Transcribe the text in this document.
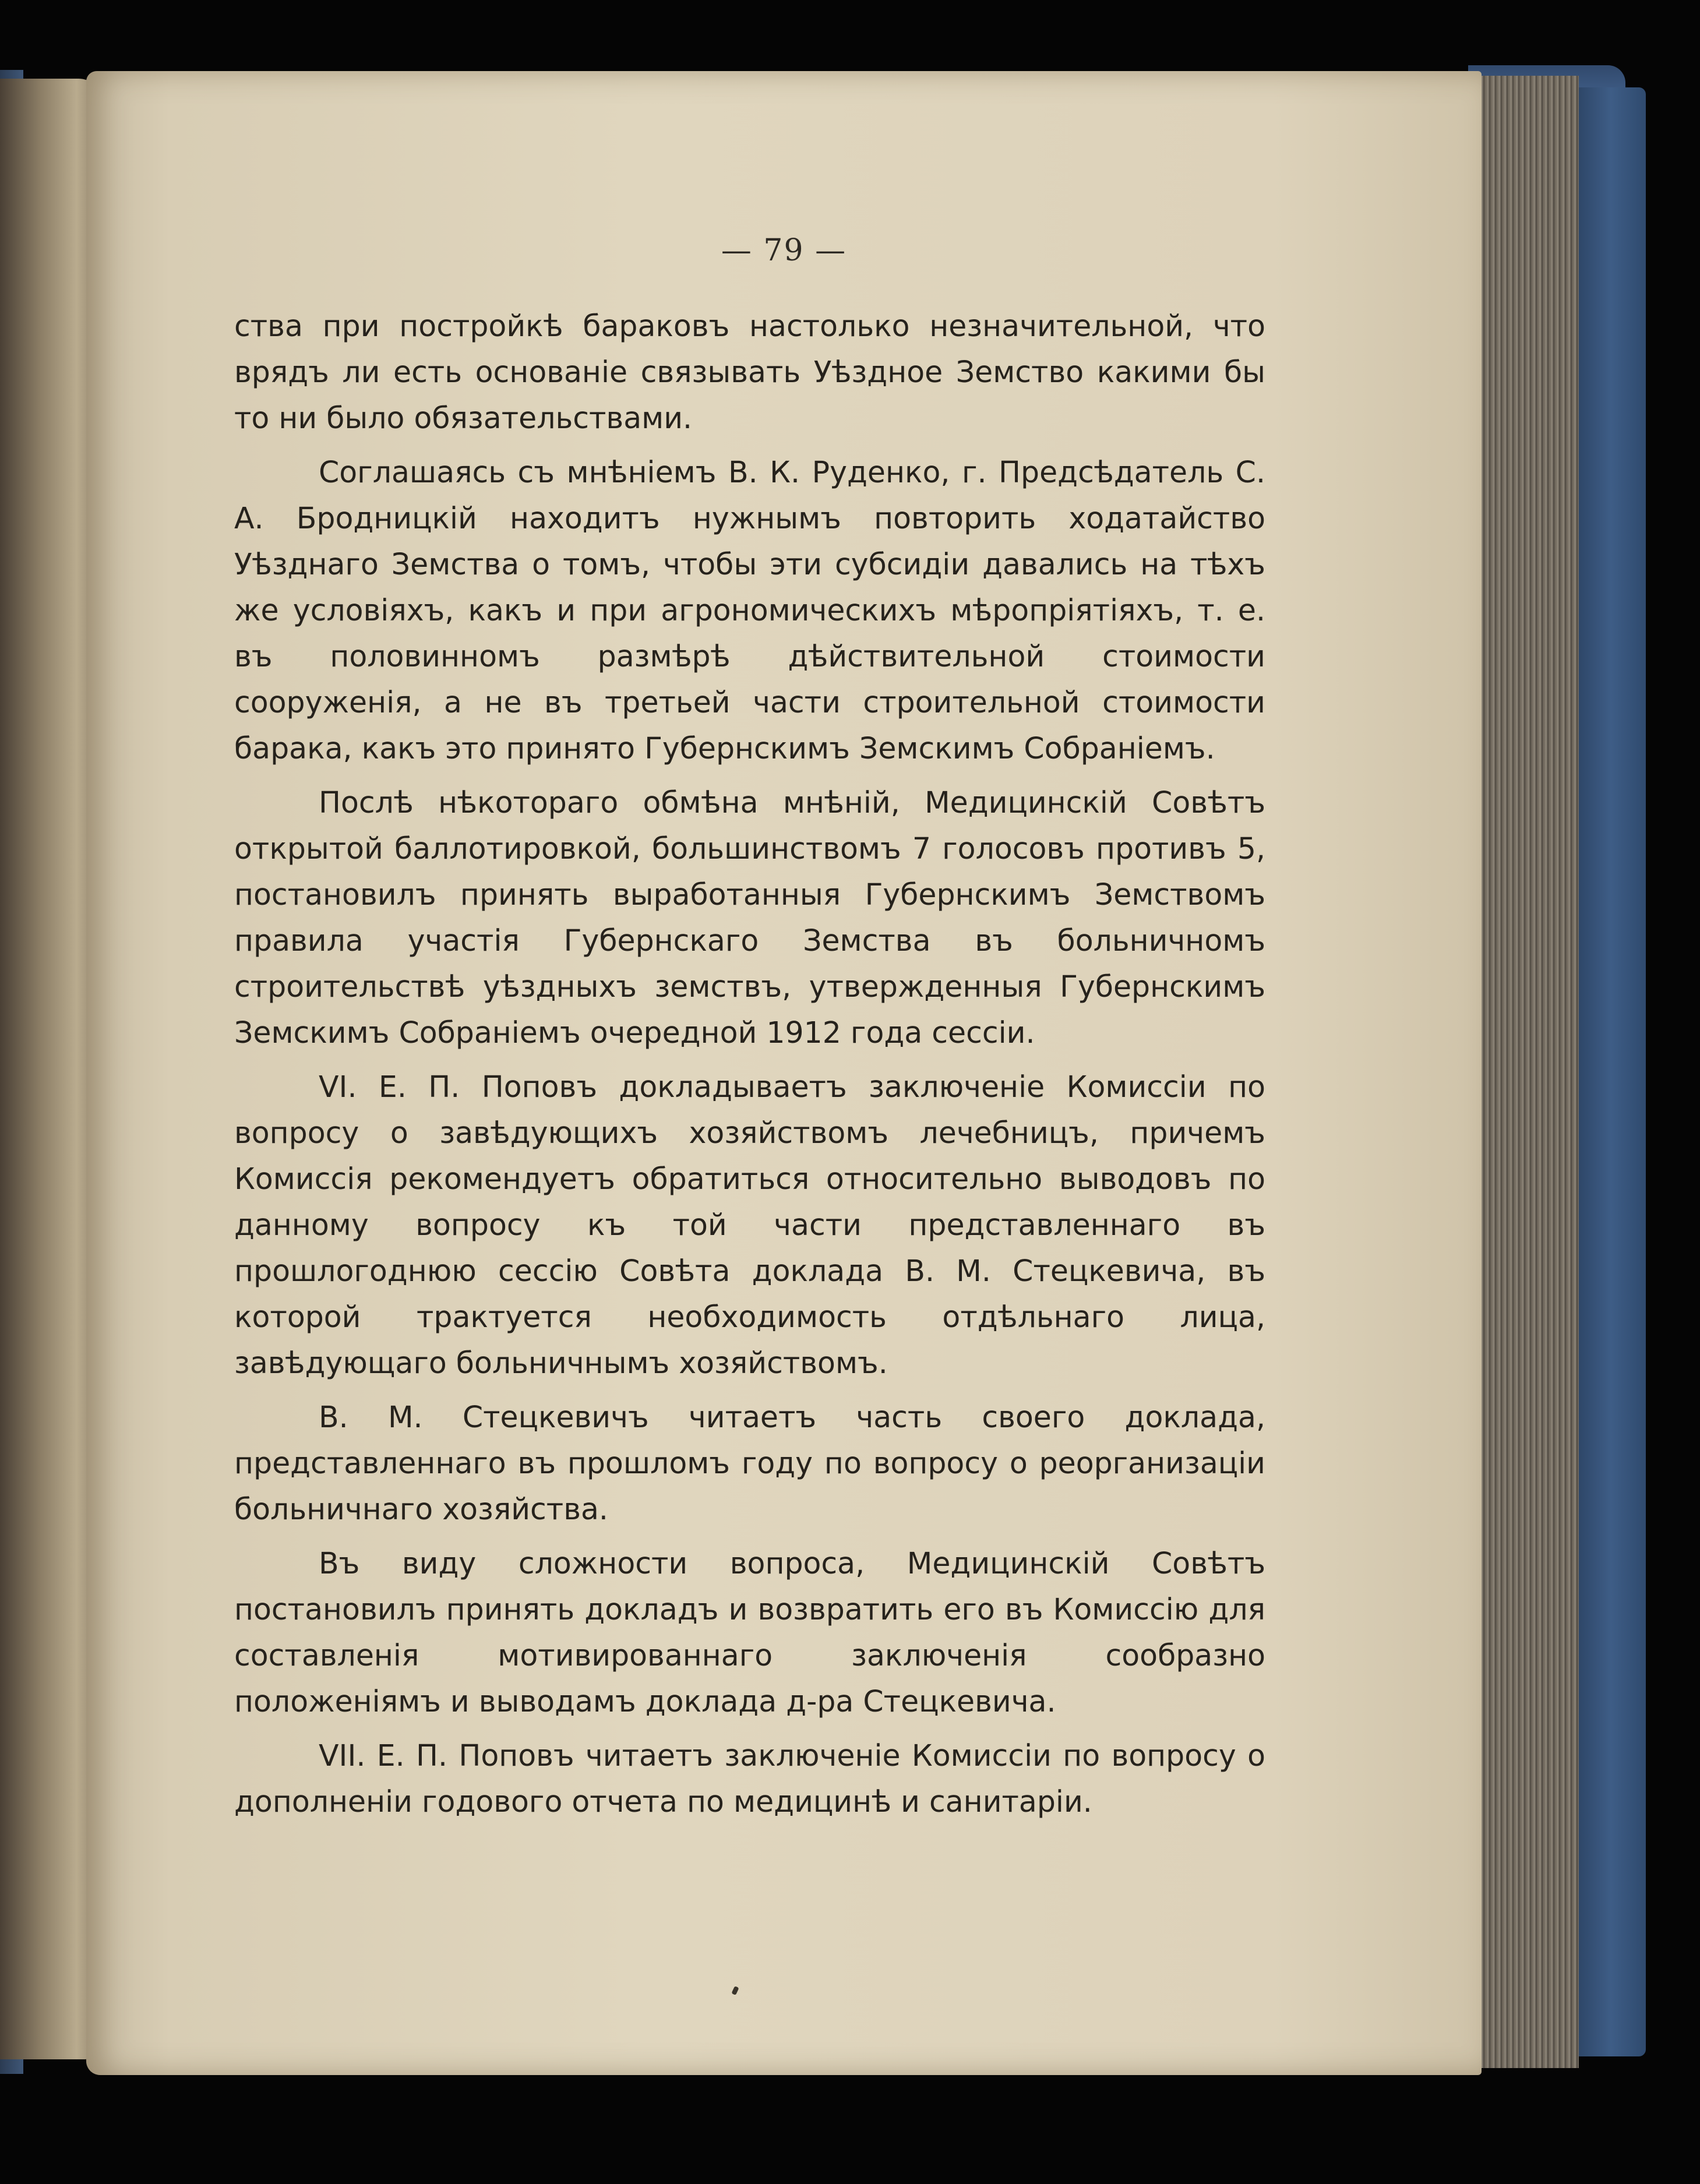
— 79 —

ства при постройкѣ бараковъ настолько незначительной, что врядъ ли есть основаніе связывать Уѣздное Земство какими бы то ни было обязательствами.

Соглашаясь съ мнѣніемъ В. К. Руденко, г. Предсѣдатель С. А. Бродницкій находитъ нужнымъ повторить ходатайство Уѣзднаго Земства о томъ, чтобы эти субсидіи давались на тѣхъ же условіяхъ, какъ и при агрономическихъ мѣропріятіяхъ, т. е. въ половинномъ размѣрѣ дѣйствительной стоимости сооруженія, а не въ третьей части строительной стоимости барака, какъ это принято Губернскимъ Земскимъ Собраніемъ.

Послѣ нѣкотораго обмѣна мнѣній, Медицинскій Совѣтъ открытой баллотировкой, большинствомъ 7 голосовъ противъ 5, постановилъ принять выработанныя Губернскимъ Земствомъ правила участія Губернскаго Земства въ больничномъ строительствѣ уѣздныхъ земствъ, утвержденныя Губернскимъ Земскимъ Собраніемъ очередной 1912 года сессіи.

VI. Е. П. Поповъ докладываетъ заключеніе Комиссіи по вопросу о завѣдующихъ хозяйствомъ лечебницъ, причемъ Комиссія рекомендуетъ обратиться относительно выводовъ по данному вопросу къ той части представленнаго въ прошлогоднюю сессію Совѣта доклада В. М. Стецкевича, въ которой трактуется необходимость отдѣльнаго лица, завѣдующаго больничнымъ хозяйствомъ.

В. М. Стецкевичъ читаетъ часть своего доклада, представленнаго въ прошломъ году по вопросу о реорганизаціи больничнаго хозяйства.

Въ виду сложности вопроса, Медицинскій Совѣтъ постановилъ принять докладъ и возвратить его въ Комиссію для составленія мотивированнаго заключенія сообразно положеніямъ и выводамъ доклада д-ра Стецкевича.

VII. Е. П. Поповъ читаетъ заключеніе Комиссіи по вопросу о дополненіи годового отчета по медицинѣ и санитаріи.
